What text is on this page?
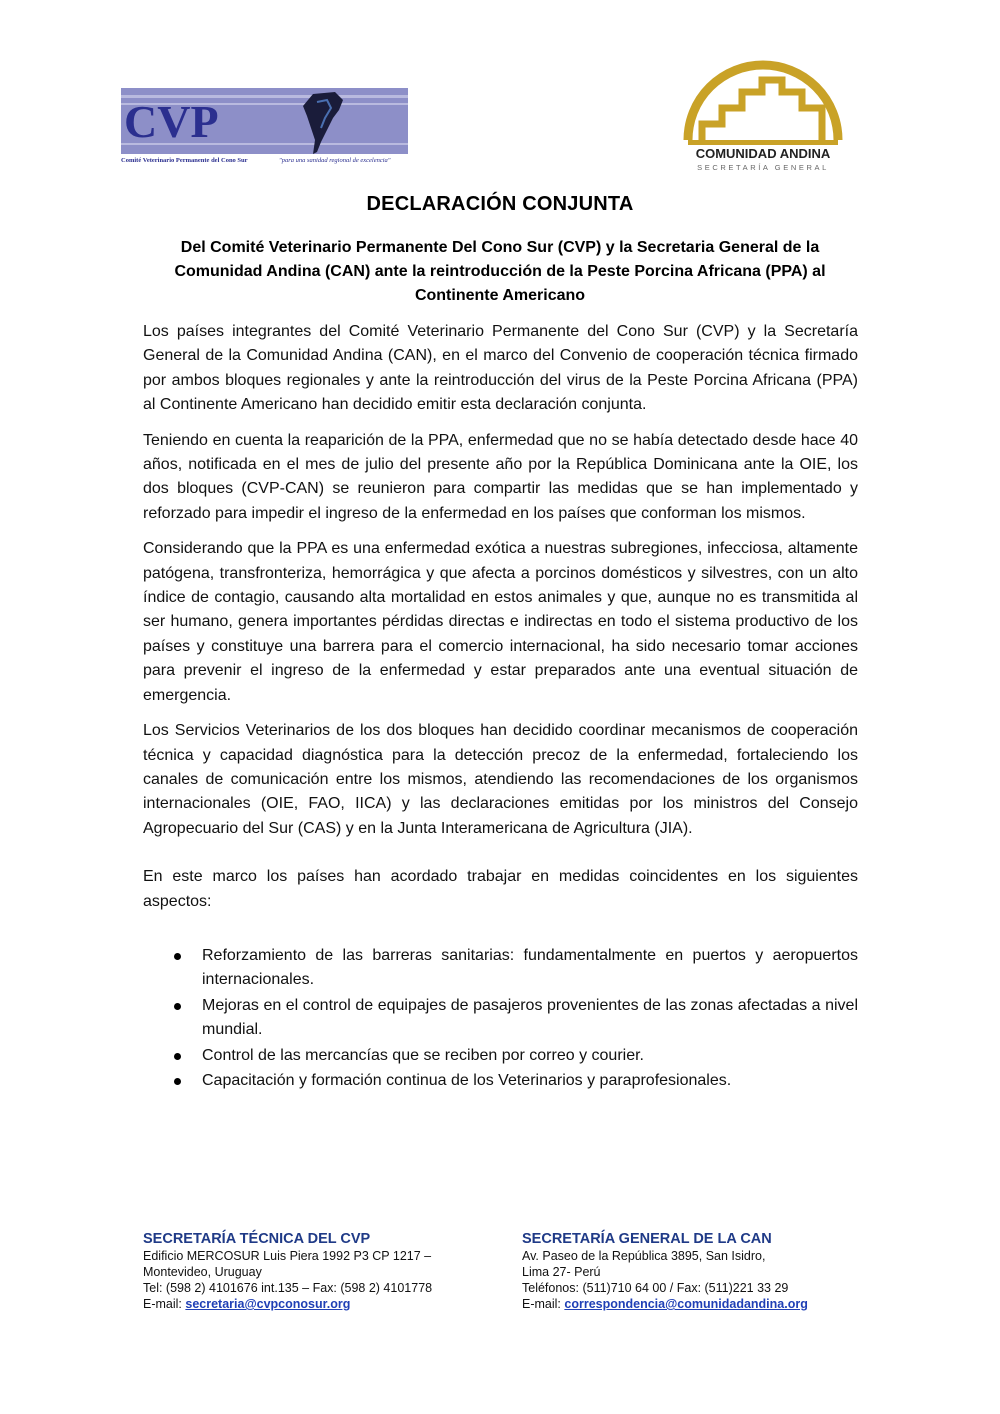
CVP
Comité Veterinario Permanente del Cono Sur	"para una sanidad regional de excelencia"	COMUNIDAD ANDINA
SECRETARÍA GENERAL
DECLARACIÓN CONJUNTA
Del Comité Veterinario Permanente Del Cono Sur (CVP) y la Secretaria General de la Comunidad Andina (CAN) ante la reintroducción de la Peste Porcina Africana (PPA) al Continente Americano

Los países integrantes del Comité Veterinario Permanente del Cono Sur (CVP) y la Secretaría General de la Comunidad Andina (CAN), en el marco del Convenio de cooperación técnica firmado por ambos bloques regionales y ante la reintroducción del virus de la Peste Porcina Africana (PPA) al Continente Americano han decidido emitir esta declaración conjunta.

Teniendo en cuenta la reaparición de la PPA, enfermedad que no se había detectado desde hace 40 años, notificada en el mes de julio del presente año por la República Dominicana ante la OIE, los dos bloques (CVP-CAN) se reunieron para compartir las medidas que se han implementado y reforzado para impedir el ingreso de la enfermedad en los países que conforman los mismos.

Considerando que la PPA es una enfermedad exótica a nuestras subregiones, infecciosa, altamente patógena, transfronteriza, hemorrágica y que afecta a porcinos domésticos y silvestres, con un alto índice de contagio, causando alta mortalidad en estos animales y que, aunque no es transmitida al ser humano, genera importantes pérdidas directas e indirectas en todo el sistema productivo de los países y constituye una barrera para el comercio internacional, ha sido necesario tomar acciones para prevenir el ingreso de la enfermedad y estar preparados ante una eventual situación de emergencia.

Los Servicios Veterinarios de los dos bloques han decidido coordinar mecanismos de cooperación técnica y capacidad diagnóstica para la detección precoz de la enfermedad, fortaleciendo los canales de comunicación entre los mismos, atendiendo las recomendaciones de los organismos internacionales (OIE, FAO, IICA) y las declaraciones emitidas por los ministros del Consejo Agropecuario del Sur (CAS) y en la Junta Interamericana de Agricultura (JIA).

En este marco los países han acordado trabajar en medidas coincidentes en los siguientes aspectos:

Reforzamiento de las barreras sanitarias: fundamentalmente en puertos y aeropuertos internacionales.
Mejoras en el control de equipajes de pasajeros provenientes de las zonas afectadas a nivel mundial.
Control de las mercancías que se reciben por correo y courier.
Capacitación y formación continua de los Veterinarios y paraprofesionales.
SECRETARÍA TÉCNICA DEL CVP
Edificio MERCOSUR Luis Piera 1992 P3 CP 1217 –
Montevideo, Uruguay
Tel: (598 2) 4101676 int.135 – Fax: (598 2) 4101778
E-mail: secretaria@cvpconosur.org
SECRETARÍA GENERAL DE LA CAN
Av. Paseo de la República 3895, San Isidro,
Lima 27- Perú
Teléfonos: (511)710 64 00 / Fax: (511)221 33 29
E-mail: correspondencia@comunidadandina.org
